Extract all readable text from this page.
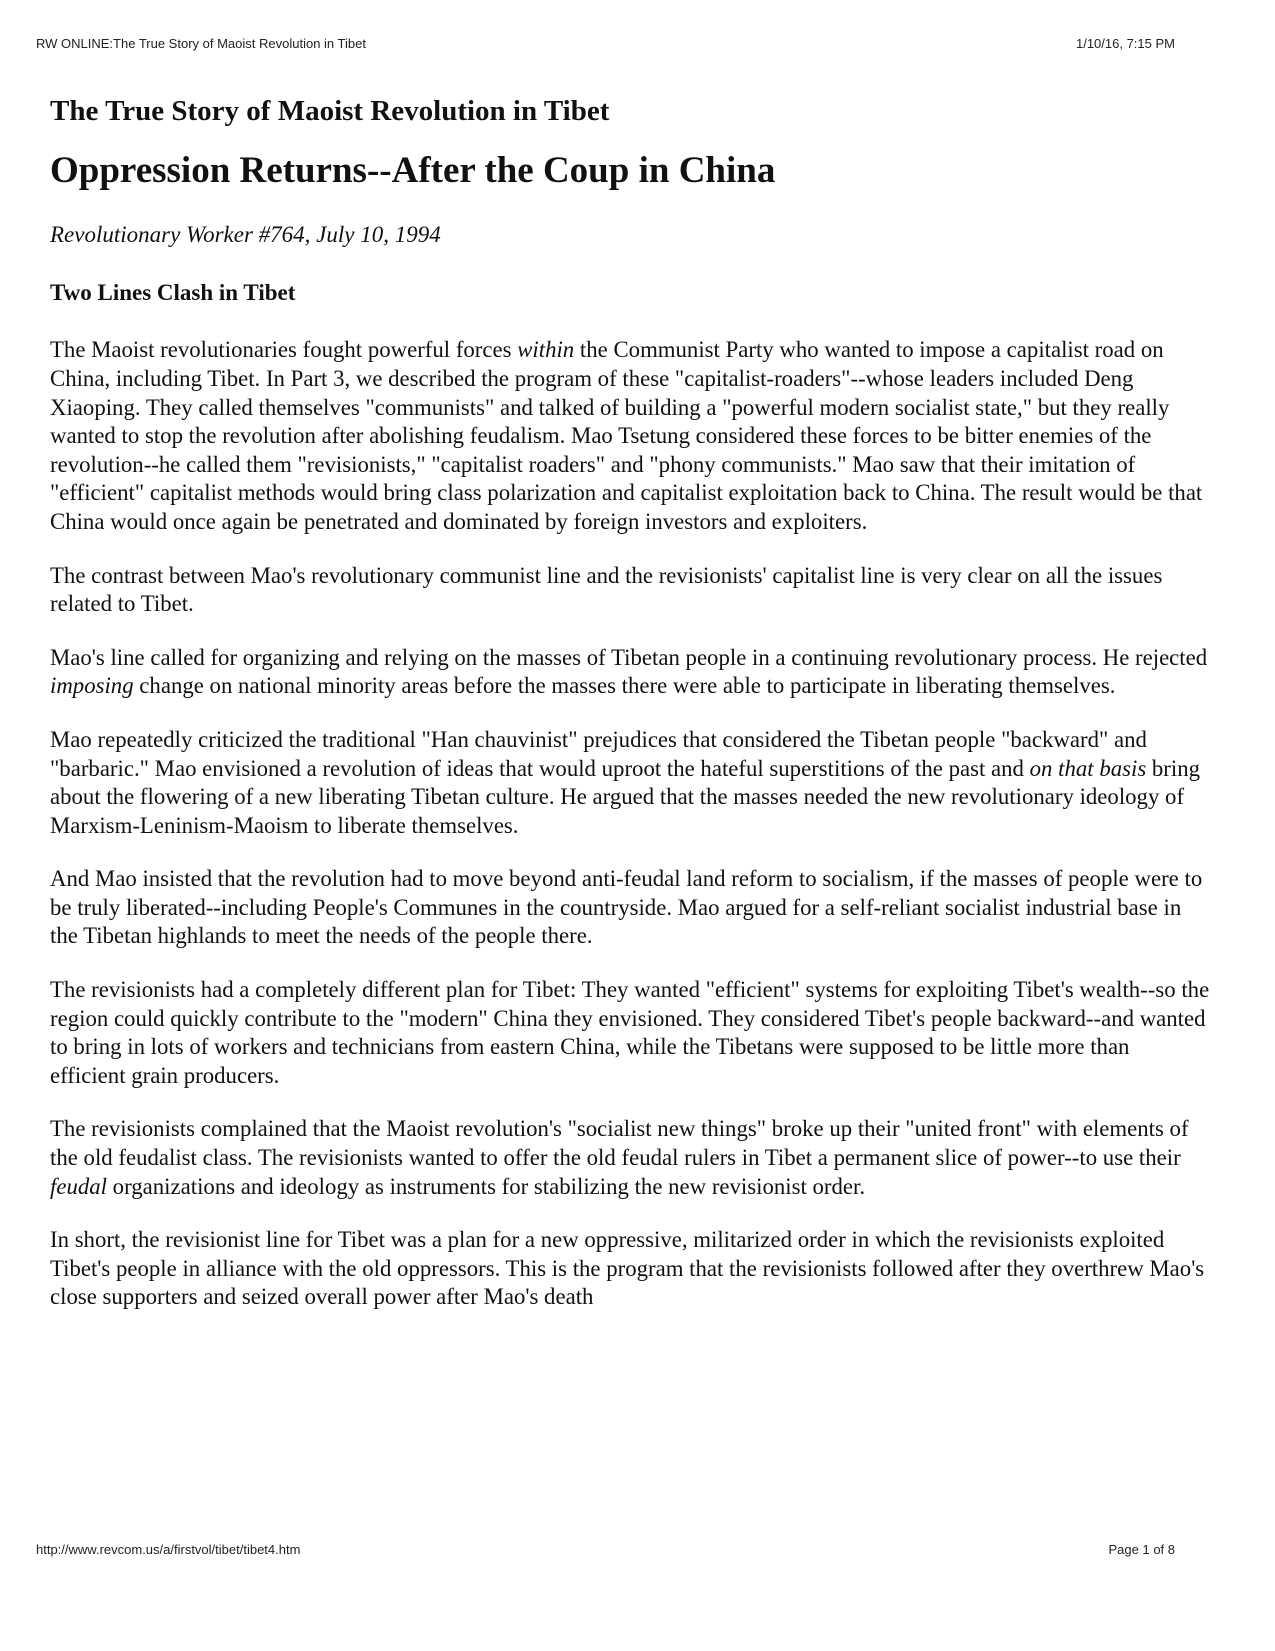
RW ONLINE:The True Story of Maoist Revolution in Tibet	1/10/16, 7:15 PM
The True Story of Maoist Revolution in Tibet
Oppression Returns--After the Coup in China

Revolutionary Worker #764, July 10, 1994

Two Lines Clash in Tibet

The Maoist revolutionaries fought powerful forces within the Communist Party who wanted to impose a capitalist road on China, including Tibet. In Part 3, we described the program of these "capitalist-roaders"--whose leaders included Deng Xiaoping. They called themselves "communists" and talked of building a "powerful modern socialist state," but they really wanted to stop the revolution after abolishing feudalism. Mao Tsetung considered these forces to be bitter enemies of the revolution--he called them "revisionists," "capitalist roaders" and "phony communists." Mao saw that their imitation of "efficient" capitalist methods would bring class polarization and capitalist exploitation back to China. The result would be that China would once again be penetrated and dominated by foreign investors and exploiters.

The contrast between Mao's revolutionary communist line and the revisionists' capitalist line is very clear on all the issues related to Tibet.

Mao's line called for organizing and relying on the masses of Tibetan people in a continuing revolutionary process. He rejected imposing change on national minority areas before the masses there were able to participate in liberating themselves.

Mao repeatedly criticized the traditional "Han chauvinist" prejudices that considered the Tibetan people "backward" and "barbaric." Mao envisioned a revolution of ideas that would uproot the hateful superstitions of the past and on that basis bring about the flowering of a new liberating Tibetan culture. He argued that the masses needed the new revolutionary ideology of Marxism-Leninism-Maoism to liberate themselves.

And Mao insisted that the revolution had to move beyond anti-feudal land reform to socialism, if the masses of people were to be truly liberated--including People's Communes in the countryside. Mao argued for a self-reliant socialist industrial base in the Tibetan highlands to meet the needs of the people there.

The revisionists had a completely different plan for Tibet: They wanted "efficient" systems for exploiting Tibet's wealth--so the region could quickly contribute to the "modern" China they envisioned. They considered Tibet's people backward--and wanted to bring in lots of workers and technicians from eastern China, while the Tibetans were supposed to be little more than efficient grain producers.

The revisionists complained that the Maoist revolution's "socialist new things" broke up their "united front" with elements of the old feudalist class. The revisionists wanted to offer the old feudal rulers in Tibet a permanent slice of power--to use their feudal organizations and ideology as instruments for stabilizing the new revisionist order.

In short, the revisionist line for Tibet was a plan for a new oppressive, militarized order in which the revisionists exploited Tibet's people in alliance with the old oppressors. This is the program that the revisionists followed after they overthrew Mao's close supporters and seized overall power after Mao's death

http://www.revcom.us/a/firstvol/tibet/tibet4.htm	Page 1 of 8
